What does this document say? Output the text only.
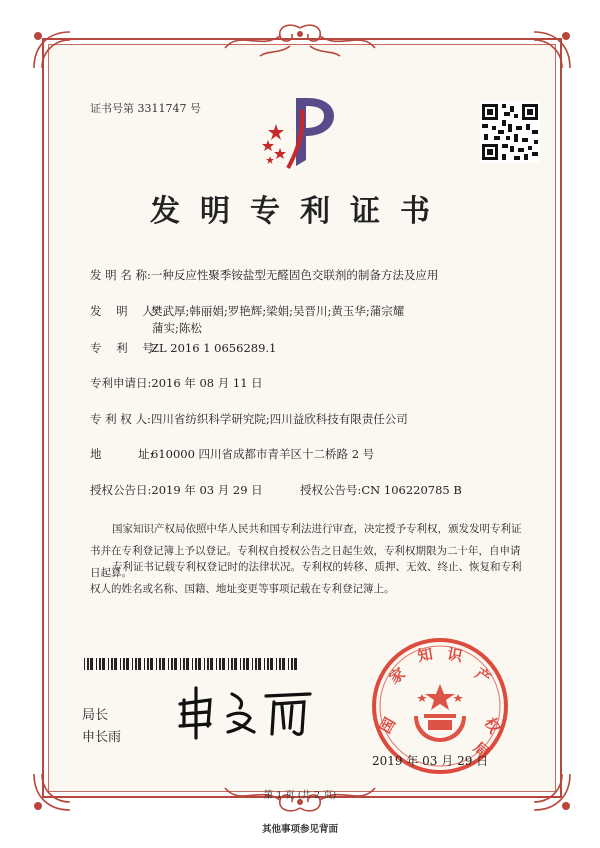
证书号第 3311747 号
发明专利证书
发 明 名 称:一种反应性聚季铵盐型无醛固色交联剂的制备方法及应用
发    明    人:樊武厚;韩丽娟;罗艳辉;梁娟;吴晋川;黄玉华;蒲宗耀
蒲实;陈松
专    利    号:ZL 2016 1 0656289.1
专利申请日:2016 年 08 月 11 日
专 利 权 人:四川省纺织科学研究院;四川益欣科技有限责任公司
地          址:610000 四川省成都市青羊区十二桥路 2 号
授权公告日:2019 年 03 月 29 日	授权公告号:CN 106220785 B
国家知识产权局依照中华人民共和国专利法进行审查，决定授予专利权，颁发发明专利证书并在专利登记簿上予以登记。专利权自授权公告之日起生效，专利权期限为二十年，自申请日起算。
专利证书记载专利权登记时的法律状况。专利权的转移、质押、无效、终止、恢复和专利权人的姓名或名称、国籍、地址变更等事项记载在专利登记簿上。
局长
申长雨
国
家
知 识
产
权
局
2019 年 03 月 29 日
第 1 页 (共 2 页)
其他事项参见背面
